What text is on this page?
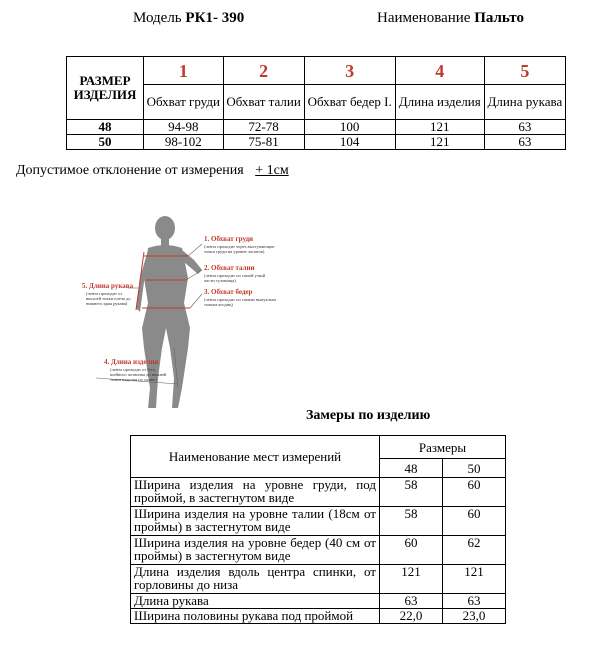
Модель РК1- 390	Наименование Пальто
РАЗМЕР ИЗДЕЛИЯ	1	2	3	4	5
	Обхват груди	Обхват талии	Обхват бедер I.	Длина изделия	Длина рукава
48	94-98	72-78	100	121	63
50	98-102	75-81	104	121	63
Допустимое отклонение от измерения + 1см
1. Обхват груди
(лента проходит через выступающие
точки груди на уровне лопаток)
2. Обхват талии
(лента проходит по самой узкой
части туловища)
3. Обхват бедер
(лента проходит по самым выпуклым
точкам ягодиц)
5. Длина рукава
(лента проходит от
высшей точки плеча до
нижнего края рукава)
4. Длина изделия
(лента проходит от 6-го
шейного позвонка до нижней
точки изделия по спине)
Замеры по изделию
Наименование мест измерений	Размеры	
	48	50
Ширина изделия на уровне груди, под проймой, в застегнутом виде	58	60
Ширина изделия на уровне талии (18см от проймы) в застегнутом виде	58	60
Ширина изделия на уровне бедер (40 см от проймы) в застегнутом виде	60	62
Длина изделия вдоль центра спинки, от горловины до низа	121	121
Длина рукава	63	63
Ширина половины рукава под проймой	22,0	23,0
